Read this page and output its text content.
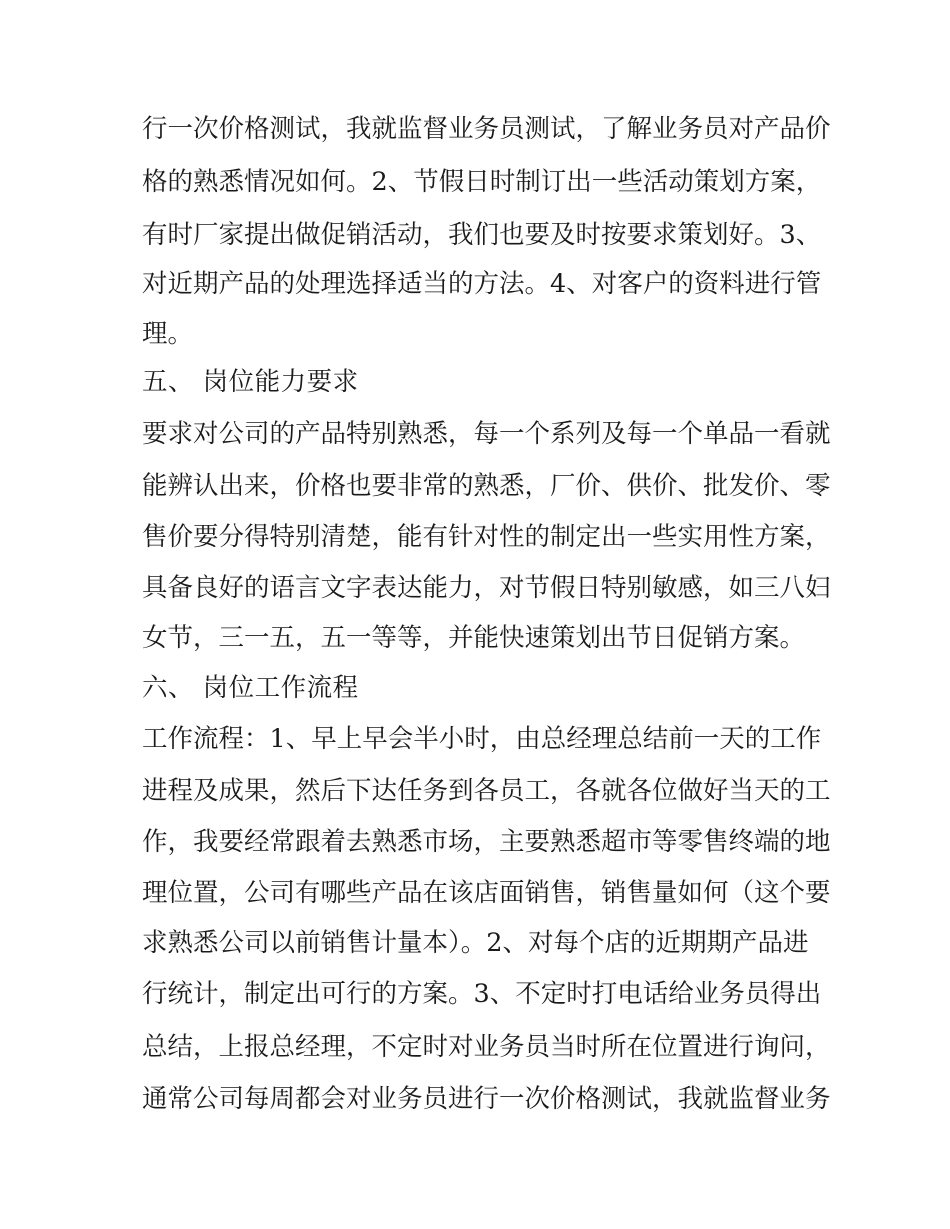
行一次价格测试，我就监督业务员测试，了解业务员对产品价
格的熟悉情况如何。2、节假日时制订出一些活动策划方案，
有时厂家提出做促销活动，我们也要及时按要求策划好。3、
对近期产品的处理选择适当的方法。4、对客户的资料进行管
理。
五、 岗位能力要求
要求对公司的产品特别熟悉，每一个系列及每一个单品一看就
能辨认出来，价格也要非常的熟悉，厂价、供价、批发价、零
售价要分得特别清楚，能有针对性的制定出一些实用性方案，
具备良好的语言文字表达能力，对节假日特别敏感，如三八妇
女节，三一五，五一等等，并能快速策划出节日促销方案。
六、 岗位工作流程
工作流程：1、早上早会半小时，由总经理总结前一天的工作
进程及成果，然后下达任务到各员工，各就各位做好当天的工
作，我要经常跟着去熟悉市场，主要熟悉超市等零售终端的地
理位置，公司有哪些产品在该店面销售，销售量如何（这个要
求熟悉公司以前销售计量本）。2、对每个店的近期期产品进
行统计，制定出可行的方案。3、不定时打电话给业务员得出
总结，上报总经理，不定时对业务员当时所在位置进行询问，
通常公司每周都会对业务员进行一次价格测试，我就监督业务
